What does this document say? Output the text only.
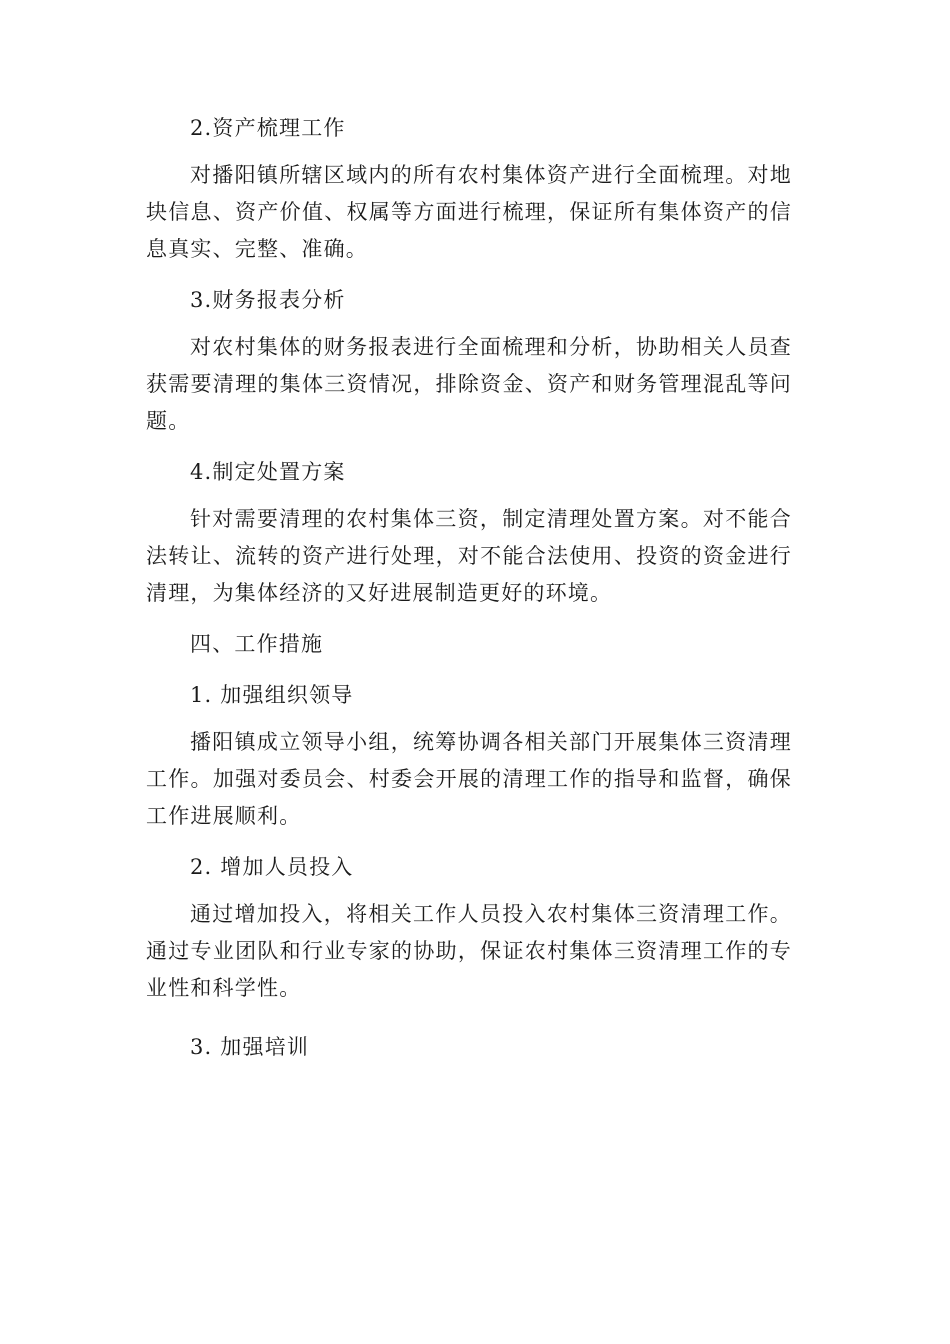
2.资产梳理工作

对播阳镇所辖区域内的所有农村集体资产进行全面梳理。对地块信息、资产价值、权属等方面进行梳理，保证所有集体资产的信息真实、完整、准确。

3.财务报表分析

对农村集体的财务报表进行全面梳理和分析，协助相关人员查获需要清理的集体三资情况，排除资金、资产和财务管理混乱等问题。

4.制定处置方案

针对需要清理的农村集体三资，制定清理处置方案。对不能合法转让、流转的资产进行处理，对不能合法使用、投资的资金进行清理，为集体经济的又好进展制造更好的环境。

四、工作措施

1. 加强组织领导

播阳镇成立领导小组，统筹协调各相关部门开展集体三资清理工作。加强对委员会、村委会开展的清理工作的指导和监督，确保工作进展顺利。

2. 增加人员投入

通过增加投入，将相关工作人员投入农村集体三资清理工作。通过专业团队和行业专家的协助，保证农村集体三资清理工作的专业性和科学性。

3. 加强培训
